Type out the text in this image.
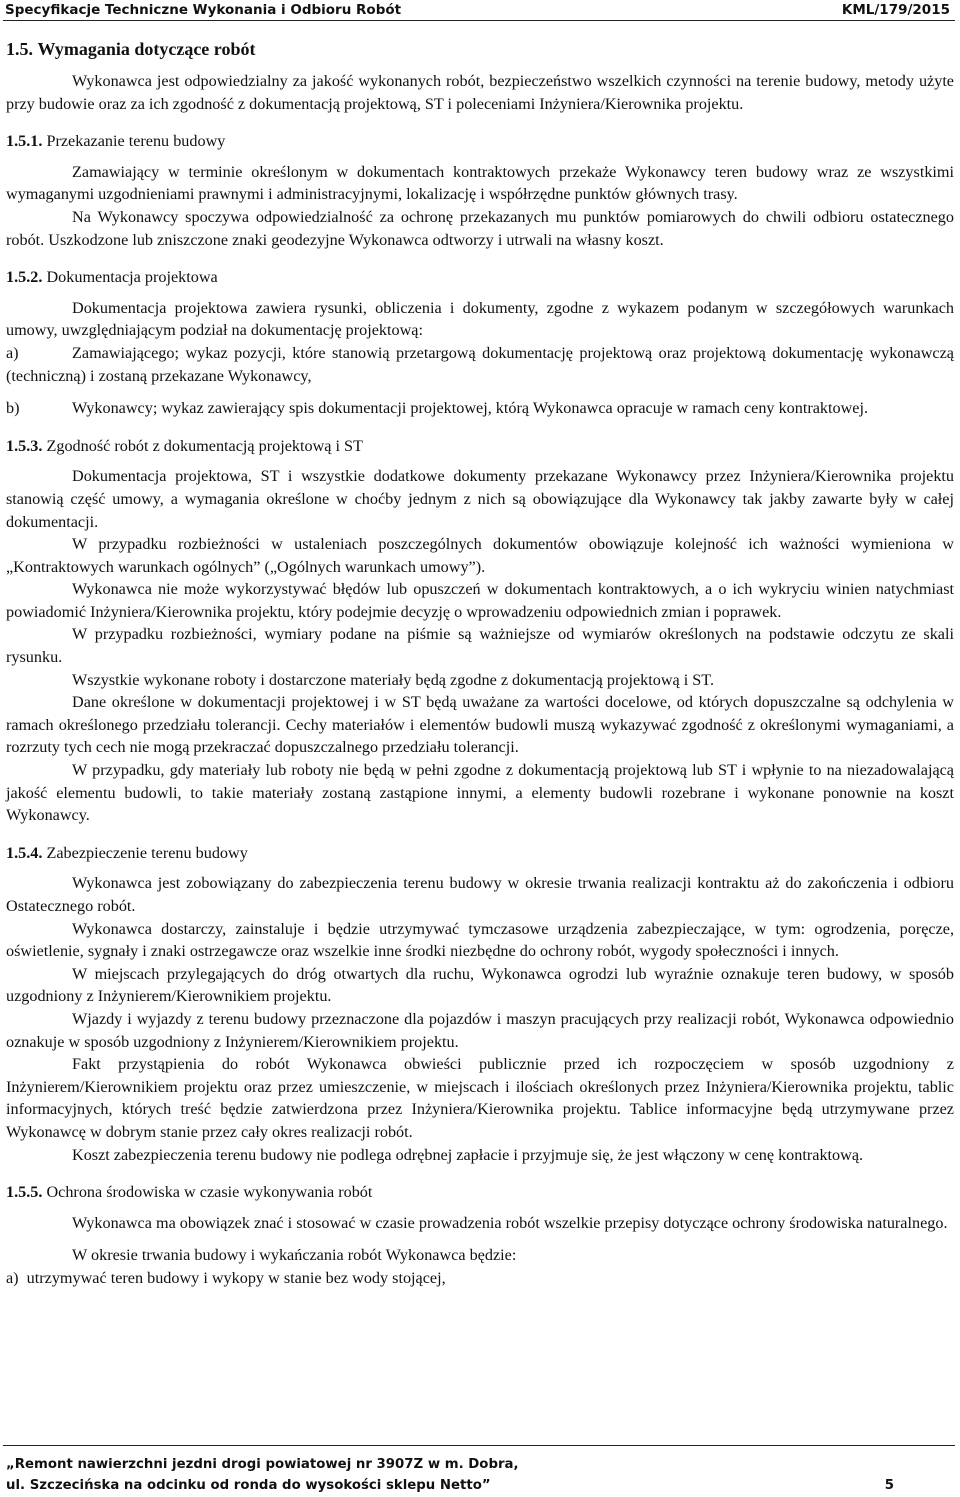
Specyfikacje Techniczne Wykonania i Odbioru Robót	KML/179/2015

1.5. Wymagania dotyczące robót

Wykonawca jest odpowiedzialny za jakość wykonanych robót, bezpieczeństwo wszelkich czynności na terenie budowy, metody użyte przy budowie oraz za ich zgodność z dokumentacją projektową, ST i poleceniami Inżyniera/Kierownika projektu.

1.5.1. Przekazanie terenu budowy

Zamawiający w terminie określonym w dokumentach kontraktowych przekaże Wykonawcy teren budowy wraz ze wszystkimi wymaganymi uzgodnieniami prawnymi i administracyjnymi, lokalizację i współrzędne punktów głównych trasy.

Na Wykonawcy spoczywa odpowiedzialność za ochronę przekazanych mu punktów pomiarowych do chwili odbioru ostatecznego robót. Uszkodzone lub zniszczone znaki geodezyjne Wykonawca odtworzy i utrwali na własny koszt.

1.5.2. Dokumentacja projektowa

Dokumentacja projektowa zawiera rysunki, obliczenia i dokumenty, zgodne z wykazem podanym w szczegółowych warunkach umowy, uwzględniającym podział na dokumentację projektową:

a)	Zamawiającego; wykaz pozycji, które stanowią przetargową dokumentację projektową oraz projektową dokumentację wykonawczą (techniczną) i zostaną przekazane Wykonawcy,

b)	Wykonawcy; wykaz zawierający spis dokumentacji projektowej, którą Wykonawca opracuje w ramach ceny kontraktowej.

1.5.3. Zgodność robót z dokumentacją projektową i ST

Dokumentacja projektowa, ST i wszystkie dodatkowe dokumenty przekazane Wykonawcy przez Inżyniera/Kierownika projektu stanowią część umowy, a wymagania określone w choćby jednym z nich są obowiązujące dla Wykonawcy tak jakby zawarte były w całej dokumentacji.

W przypadku rozbieżności w ustaleniach poszczególnych dokumentów obowiązuje kolejność ich ważności wymieniona w „Kontraktowych warunkach ogólnych” („Ogólnych warunkach umowy”).

Wykonawca nie może wykorzystywać błędów lub opuszczeń w dokumentach kontraktowych, a o ich wykryciu winien natychmiast powiadomić Inżyniera/Kierownika projektu, który podejmie decyzję o wprowadzeniu odpowiednich zmian i poprawek.

W przypadku rozbieżności, wymiary podane na piśmie są ważniejsze od wymiarów określonych na podstawie odczytu ze skali rysunku.

Wszystkie wykonane roboty i dostarczone materiały będą zgodne z dokumentacją projektową i ST.

Dane określone w dokumentacji projektowej i w ST będą uważane za wartości docelowe, od których dopuszczalne są odchylenia w ramach określonego przedziału tolerancji. Cechy materiałów i elementów budowli muszą wykazywać zgodność z określonymi wymaganiami, a rozrzuty tych cech nie mogą przekraczać dopuszczalnego przedziału tolerancji.

W przypadku, gdy materiały lub roboty nie będą w pełni zgodne z dokumentacją projektową lub ST i wpłynie to na niezadowalającą jakość elementu budowli, to takie materiały zostaną zastąpione innymi, a elementy budowli rozebrane i wykonane ponownie na koszt Wykonawcy.

1.5.4. Zabezpieczenie terenu budowy

Wykonawca jest zobowiązany do zabezpieczenia terenu budowy w okresie trwania realizacji kontraktu aż do zakończenia i odbioru Ostatecznego robót.

Wykonawca dostarczy, zainstaluje i będzie utrzymywać tymczasowe urządzenia zabezpieczające, w tym: ogrodzenia, poręcze, oświetlenie, sygnały i znaki ostrzegawcze oraz wszelkie inne środki niezbędne do ochrony robót, wygody społeczności i innych.

W miejscach przylegających do dróg otwartych dla ruchu, Wykonawca ogrodzi lub wyraźnie oznakuje teren budowy, w sposób uzgodniony z Inżynierem/Kierownikiem projektu.

Wjazdy i wyjazdy z terenu budowy przeznaczone dla pojazdów i maszyn pracujących przy realizacji robót, Wykonawca odpowiednio oznakuje w sposób uzgodniony z Inżynierem/Kierownikiem projektu.

Fakt przystąpienia do robót Wykonawca obwieści publicznie przed ich rozpoczęciem w sposób uzgodniony z Inżynierem/Kierownikiem projektu oraz przez umieszczenie, w miejscach i ilościach określonych przez Inżyniera/Kierownika projektu, tablic informacyjnych, których treść będzie zatwierdzona przez Inżyniera/Kierownika projektu. Tablice informacyjne będą utrzymywane przez Wykonawcę w dobrym stanie przez cały okres realizacji robót.

Koszt zabezpieczenia terenu budowy nie podlega odrębnej zapłacie i przyjmuje się, że jest włączony w cenę kontraktową.

1.5.5. Ochrona środowiska w czasie wykonywania robót

Wykonawca ma obowiązek znać i stosować w czasie prowadzenia robót wszelkie przepisy dotyczące ochrony środowiska naturalnego.

W okresie trwania budowy i wykańczania robót Wykonawca będzie:

a) utrzymywać teren budowy i wykopy w stanie bez wody stojącej,

„Remont nawierzchni jezdni drogi powiatowej nr 3907Z w m. Dobra,
ul. Szczecińska na odcinku od ronda do wysokości sklepu Netto”	5
